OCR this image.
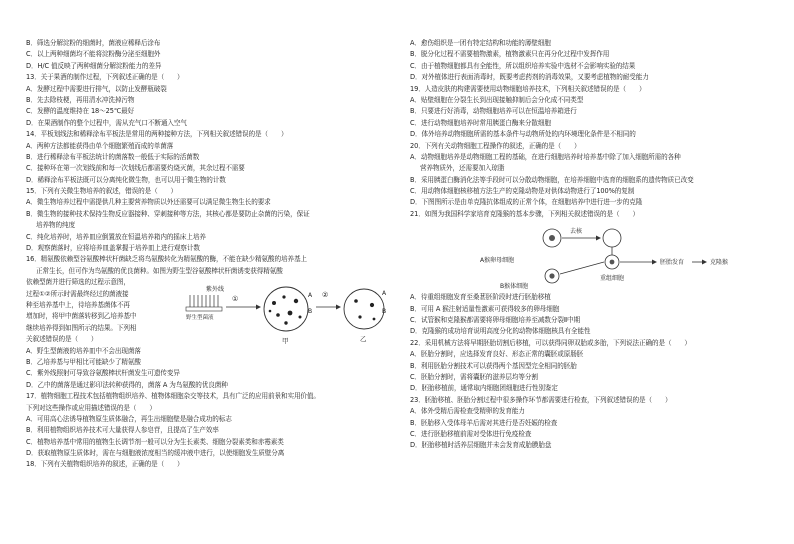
B．筛选分解淀粉的细菌时，菌液应稀释后涂布
C．以上两种细菌均不能将淀粉酶分泌至细胞外
D．H/C 值反映了两种细菌分解淀粉能力的差异
13．关于果酒的制作过程，下列叙述正确的是（　　）
A．发酵过程中需要进行排气，以防止发酵瓶破裂
B．先去除枝梗，再用清水冲洗掉污物
C．发酵的温度维持在 18～25℃最好
D．在果酒制作的整个过程中，需从充气口不断通入空气
14．平板划线法和稀释涂布平板法是常用的两种接种方法，下列相关叙述错误的是（　　）
A．两种方法都能获得由单个细胞繁殖而成的单菌落
B．进行稀释涂布平板法统计的菌落数一般低于实际的活菌数
C．接种环在第一次划线前和每一次划线后都需要灼烧灭菌，其余过程不需要
D．稀释涂布平板法既可以分离纯化微生物，也可以用于微生物的计数
15．下列有关微生物培养的叙述，错误的是（　　）
A．微生物培养过程中需提供几种主要营养物质以外还需要可以满足微生物生长的要求
B．微生物的接种技术保持生物反应器接种、穿刺接种等方法，其核心都是要防止杂菌的污染，保证
培养物的纯度
C．纯化培养时，培养皿应倒置放在恒温培养箱内的摇床上培养
D．观察菌落时，应将培养皿盖掌握于培养皿上进行观察计数
16．精氨酸依赖型谷氨酸棒状杆菌缺乏将鸟氨酸转化为精氨酸的酶，不能在缺少精氨酸的培养基上
正常生长，但可作为鸟氨酸的优良菌种。如图为野生型谷氨酸棒状杆菌诱变获得精氨酸
依赖型菌并进行筛选的过程示意图，
过程①②所示时需最终经过的菌液接
种至培养基中上，待培养基菌体不再
增加时，将甲中菌落转移到乙培养基中
继续培养得到如图所示的结果。下列相
关叙述错误的是（　　）
紫外线
野生型菌液
①	A
B
甲
②	A
B
乙
A．野生型菌液的培养皿中不会出现菌落
B．乙培养基与甲相比可能缺少了精氨酸
C．紫外线照射可导致谷氨酸棒状杆菌发生可遗传变异
D．乙中的菌落是通过影印法转种获得的，菌落 A 为鸟氨酸的优良菌种
17．植物细胞工程技术包括植物组织培养、植物体细胞杂交等技术，具有广泛的应用前景和实用价值。
下列对这些操作或应用描述错误的是（　　）
A．可用高心法诱导植物原生质体融合，再生出细胞壁是融合成功的标志
B．利用植物组织培养技术可大量获得人参皂苷，且提高了生产效率
C．植物培养基中常用的植物生长调节剂一般可以分为生长素类、细胞分裂素类和赤霉素类
D．获取植物原生质体时，需在与细胞液浓度相当的缓冲液中进行，以使细胞发生质壁分离
18．下列有关植物组织培养的叙述，正确的是（　　）
A．愈伤组织是一团有特定结构和功能的薄壁细胞
B．脱分化过程不需要植物激素，植物激素只在再分化过程中发挥作用
C．由于植物细胞都具有全能性，所以组织培养实验中选材不会影响实验的结果
D．对外植体进行表面消毒时，既要考虑药剂的消毒效果，又要考虑植物的耐受能力
19．人造皮肤的构建需要使用动物细胞培养技术，下列相关叙述错误的是（　　）
A．贴壁细胞在分裂生长到出现接触抑制后会分化成不同类型
B．只要进行好消毒，动物细胞培养可以在恒温培养箱进行
C．进行动物细胞培养时常用胰蛋白酶来分散细胞
D．体外培养动物细胞所需的基本条件与动物所处的内环境理化条件是不相同的
20．下列有关动物细胞工程操作的叙述，正确的是（　　）
A．动物细胞培养是动物细胞工程的基础，在进行细胞培养时培养基中除了加入细胞所需的各种
营养物质外，还需要加入琼脂
B．采用胰蛋白酶消化法等手段时可以分散动物细胞，在培养细胞中选育的细胞系的遗传物质已改变
C．用动物体细胞核移植方法生产的克隆动物是对供体动物进行了100%的复制
D．下图图所示是由单克隆抗体组成的正常个体，在细胞培养中进行进一步的克隆
21．如图为我国科学家培育克隆猴的基本步骤，下列相关叙述错误的是（　　）
A猴卵母细胞
去核
B猴体细胞
重组细胞
胚胎发育	克隆猴
A．待重组细胞发育至桑葚胚阶段时进行胚胎移植
B．可用 A 猴注射适量性激素可获得较多的卵母细胞
C．试管猴和克隆猴都需要将卵母细胞培养至减数分裂Ⅱ中期
D．克隆猴的成功培育说明高度分化的动物体细胞核具有全能性
22．采用机械方法将早期胚胎切割后移植，可以获得同卵双胎或多胎，下列说法正确的是（　　）
A．胚胎分割时，应选择发育良好、形态正常的囊胚或原肠胚
B．利用胚胎分割技术可以获得两个基因型完全相同的胚胎
C．胚胎分割时，需将囊胚的滋养层均等分割
D．胚胎移植前，通常取内细胞团细胞进行性别鉴定
23．胚胎移植、胚胎分割过程中很多操作环节都需要进行检查，下列叙述错误的是（　　）
A．体外受精后需检查受精卵的发育能力
B．胚胎移入受体母羊后需对其进行是否妊娠的检查
C．进行胚胎移植前需对受体进行免疫检查
D．胚胎移植时活养层细胞并未会发育成胎膜胎盘
